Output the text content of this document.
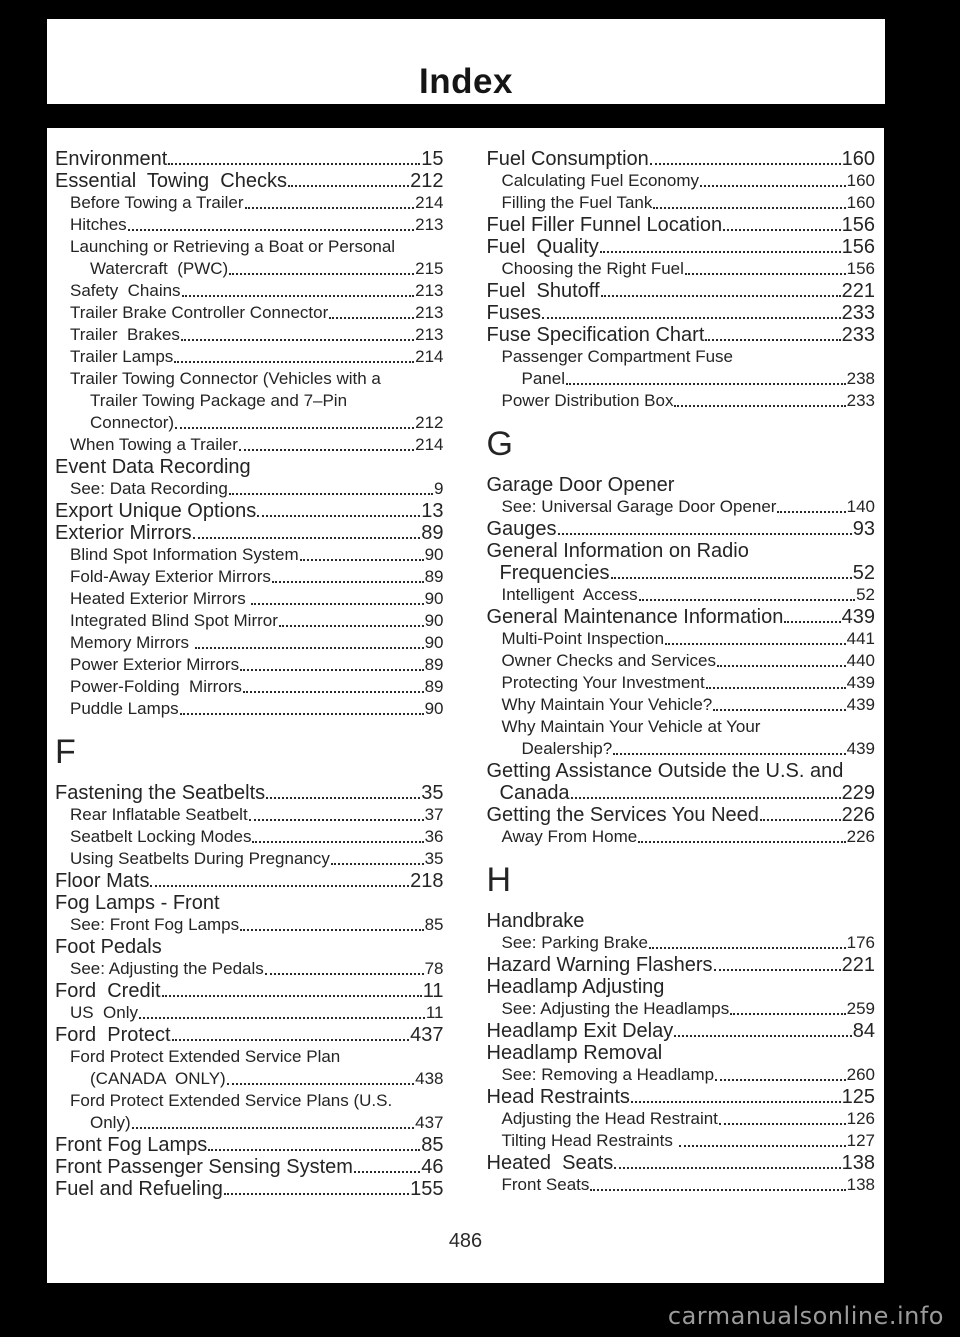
Index
Environment	15
Essential  Towing  Checks	212
Before Towing a Trailer	214
Hitches	213
Launching or Retrieving a Boat or Personal
Watercraft  (PWC)	215
Safety  Chains	213
Trailer Brake Controller Connector	213
Trailer  Brakes	213
Trailer Lamps	214
Trailer Towing Connector (Vehicles with a
Trailer Towing Package and 7–Pin
Connector)	212
When Towing a Trailer	214
Event Data Recording
See: Data Recording	9
Export Unique Options	13
Exterior Mirrors	89
Blind Spot Information System	90
Fold-Away Exterior Mirrors	89
Heated Exterior Mirrors	90
Integrated Blind Spot Mirror	90
Memory Mirrors	90
Power Exterior Mirrors	89
Power-Folding  Mirrors	89
Puddle Lamps	90
F
Fastening the Seatbelts	35
Rear Inflatable Seatbelt	37
Seatbelt Locking Modes	36
Using Seatbelts During Pregnancy	35
Floor Mats	218
Fog Lamps - Front
See: Front Fog Lamps	85
Foot Pedals
See: Adjusting the Pedals	78
Ford  Credit	11
US  Only	11
Ford  Protect	437
Ford Protect Extended Service Plan
(CANADA  ONLY)	438
Ford Protect Extended Service Plans (U.S.
Only)	437
Front Fog Lamps	85
Front Passenger Sensing System	46
Fuel and Refueling	155
Fuel Consumption	160
Calculating Fuel Economy	160
Filling the Fuel Tank	160
Fuel Filler Funnel Location	156
Fuel  Quality	156
Choosing the Right Fuel	156
Fuel  Shutoff	221
Fuses	233
Fuse Specification Chart	233
Passenger Compartment Fuse
Panel	238
Power Distribution Box	233
G
Garage Door Opener
See: Universal Garage Door Opener	140
Gauges	93
General Information on Radio
Frequencies	52
Intelligent  Access	52
General Maintenance Information	439
Multi-Point Inspection	441
Owner Checks and Services	440
Protecting Your Investment	439
Why Maintain Your Vehicle?	439
Why Maintain Your Vehicle at Your
Dealership?	439
Getting Assistance Outside the U.S. and
Canada	229
Getting the Services You Need	226
Away From Home	226
H
Handbrake
See: Parking Brake	176
Hazard Warning Flashers	221
Headlamp Adjusting
See: Adjusting the Headlamps	259
Headlamp Exit Delay	84
Headlamp Removal
See: Removing a Headlamp	260
Head Restraints	125
Adjusting the Head Restraint	126
Tilting Head Restraints	127
Heated  Seats	138
Front Seats	138
486
carmanualsonline.info
